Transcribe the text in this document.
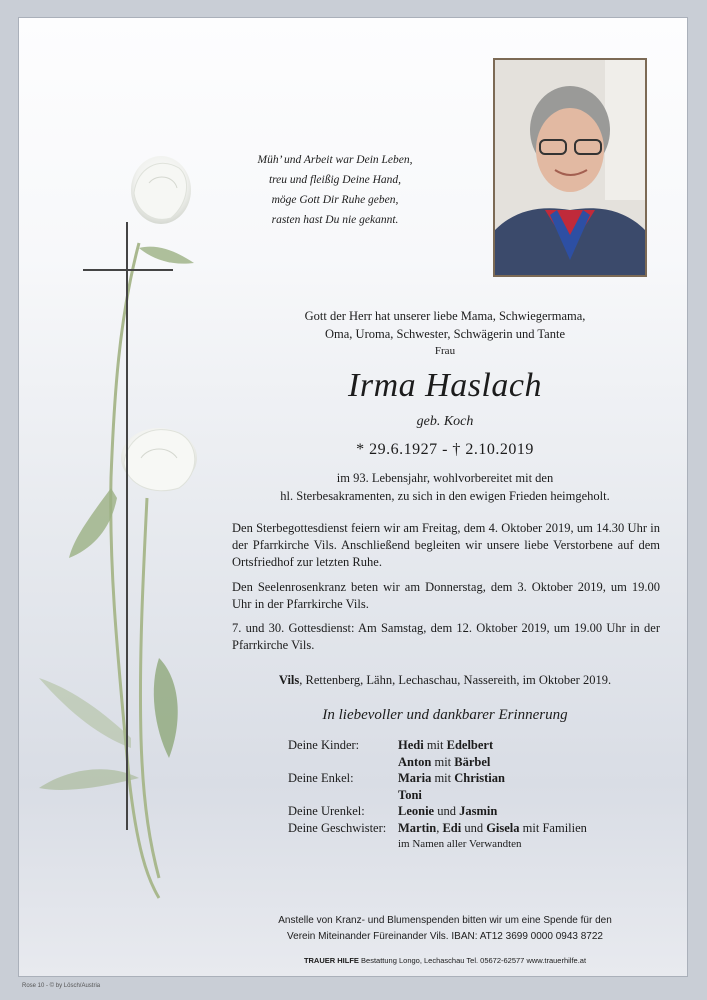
Müh’ und Arbeit war Dein Leben,
treu und fleißig Deine Hand,
möge Gott Dir Ruhe geben,
rasten hast Du nie gekannt.
Gott der Herr hat unserer liebe Mama, Schwiegermama,
Oma, Uroma, Schwester, Schwägerin und Tante
Frau
Irma Haslach
geb. Koch
* 29.6.1927 - † 2.10.2019
im 93. Lebensjahr, wohlvorbereitet mit den
hl. Sterbesakramenten, zu sich in den ewigen Frieden heimgeholt.
Den Sterbegottesdienst feiern wir am Freitag, dem 4. Oktober 2019, um 14.30 Uhr in der Pfarrkirche Vils. Anschließend begleiten wir unsere liebe Verstorbene auf dem Ortsfriedhof zur letzten Ruhe.
Den Seelenrosenkranz beten wir am Donnerstag, dem 3. Oktober 2019, um 19.00 Uhr in der Pfarrkirche Vils.
7. und 30. Gottesdienst: Am Samstag, dem 12. Oktober 2019, um 19.00 Uhr in der Pfarrkirche Vils.
Vils, Rettenberg, Lähn, Lechaschau, Nassereith, im Oktober 2019.
In liebevoller und dankbarer Erinnerung
Deine Kinder:	Hedi mit Edelbert
Anton mit Bärbel
Deine Enkel:	Maria mit Christian
Toni
Deine Urenkel:	Leonie und Jasmin
Deine Geschwister: Martin, Edi und Gisela mit Familien
im Namen aller Verwandten
Anstelle von Kranz- und Blumenspenden bitten wir um eine Spende für den
Verein Miteinander Füreinander Vils. IBAN: AT12 3699 0000 0943 8722
TRAUER HILFE Bestattung Longo, Lechaschau Tel. 05672-62577 www.trauerhilfe.at
Rose 10 - © by Lösch/Austria
